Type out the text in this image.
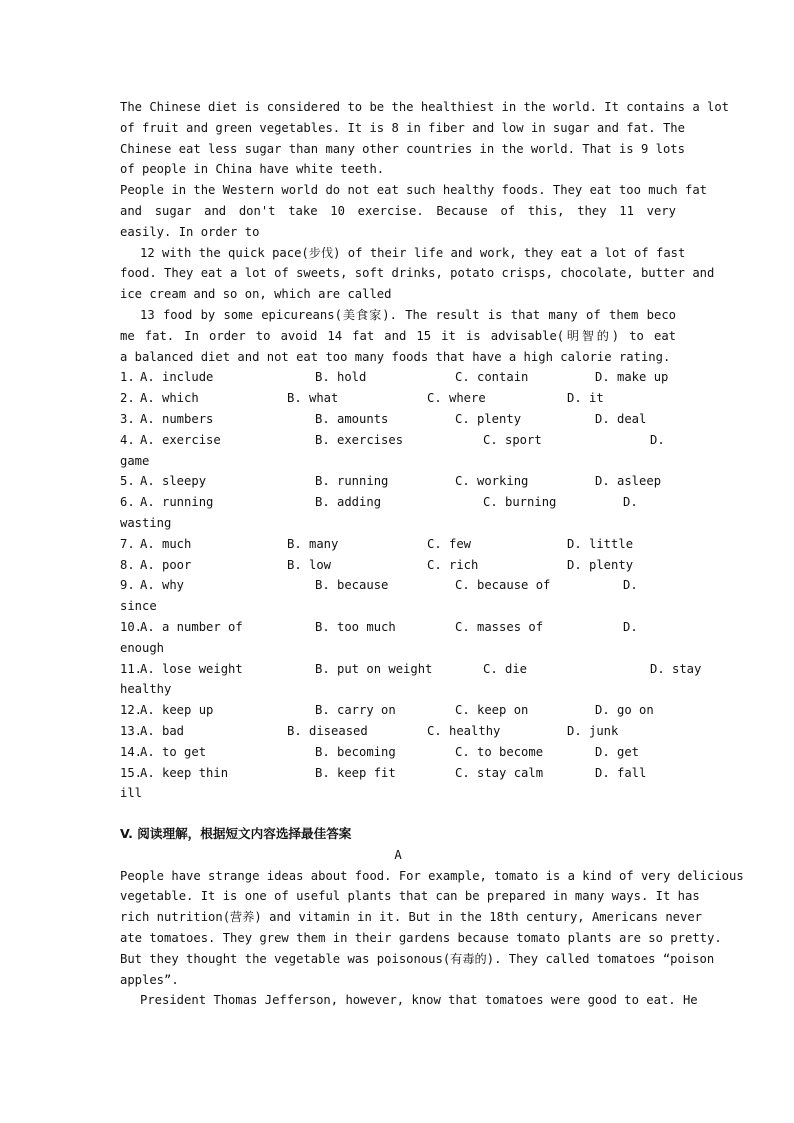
The Chinese diet is considered to be the healthiest in the world. It contains a lot
of fruit and green vegetables. It is 8 in fiber and low in sugar and fat. The
Chinese eat less sugar than many other countries in the world. That is 9 lots
of people in China have white teeth.
People in the Western world do not eat such healthy foods. They eat too much fat
and sugar and don't take 10 exercise. Because of this, they 11 very
easily. In order to
12 with the quick pace(步伐) of their life and work, they eat a lot of fast
food. They eat a lot of sweets, soft drinks, potato crisps, chocolate, butter and
ice cream and so on, which are called
13 food by some epicureans(美食家). The result is that many of them beco
me fat. In order to avoid 14 fat and 15 it is advisable(明智的) to eat
a balanced diet and not eat too many foods that have a high calorie rating.
1. A. include	B. hold	C. contain	D. make up
2. A. which	B. what	C. where	D. it
3. A. numbers	B. amounts	C. plenty	D. deal
4. A. exercise	B. exercises	C. sport	D.
game
5. A. sleepy	B. running	C. working	D. asleep
6. A. running	B. adding	C. burning	D.
wasting
7. A. much	B. many	C. few	D. little
8. A. poor	B. low	C. rich	D. plenty
9. A. why	B. because	C. because of	D.
since
10.
A. a number of	B. too much	C. masses of	D.
enough
11.
A. lose weight	B. put on weight	C. die	D. stay
healthy
12.
A. keep up	B. carry on	C. keep on	D. go on
13.
A. bad	B. diseased	C. healthy	D. junk
14.
A. to get	B. becoming	C. to become	D. get
15.
A. keep thin	B. keep fit	C. stay calm	D. fall
ill
V. 阅读理解，根据短文内容选择最佳答案
A
People have strange ideas about food. For example, tomato is a kind of very delicious
vegetable. It is one of useful plants that can be prepared in many ways. It has
rich nutrition(营养) and vitamin in it. But in the 18th century, Americans never
ate tomatoes. They grew them in their gardens because tomato plants are so pretty.
But they thought the vegetable was poisonous(有毒的). They called tomatoes “poison
apples”.
President Thomas Jefferson, however, know that tomatoes were good to eat. He
